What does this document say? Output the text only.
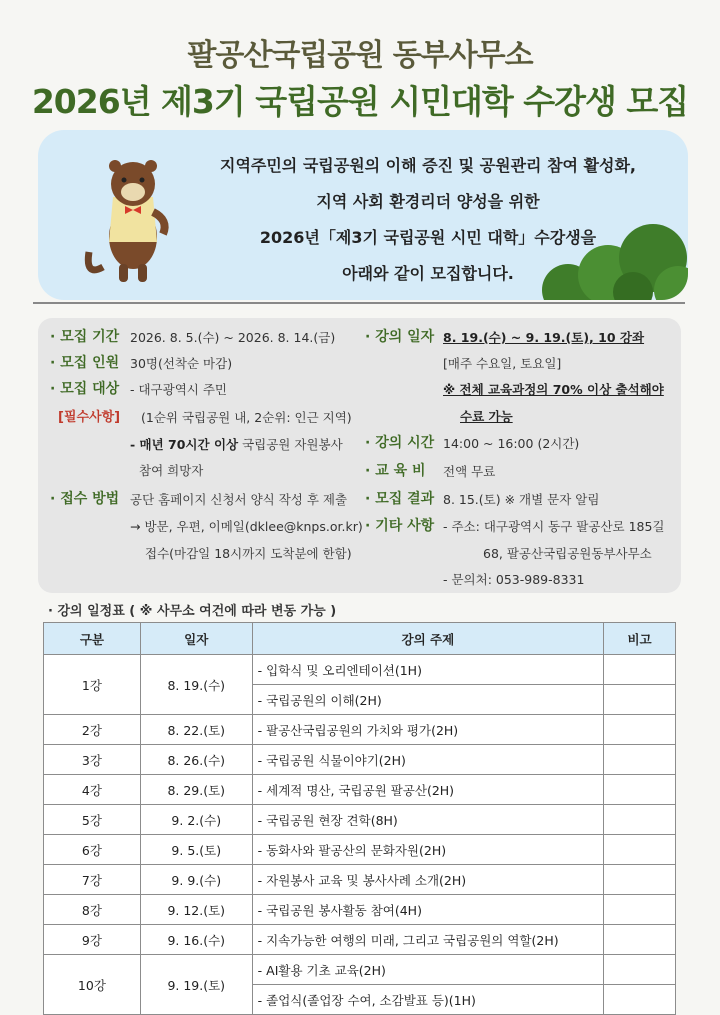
팔공산국립공원 동부사무소
2026년 제3기 국립공원 시민대학 수강생 모집
지역주민의 국립공원의 이해 증진 및 공원관리 참여 활성화,
지역 사회 환경리더 양성을 위한
2026년「제3기 국립공원 시민 대학」수강생을
아래와 같이 모집합니다.
· 모집 기간 2026. 8. 5.(수) ~ 2026. 8. 14.(금)
· 모집 인원 30명(선착순 마감)
· 모집 대상 - 대구광역시 주민
[필수사항] (1순위 국립공원 내, 2순위: 인근 지역)
- 매년 70시간 이상 국립공원 자원봉사
참여 희망자
· 접수 방법 공단 홈페이지 신청서 양식 작성 후 제출
→ 방문, 우편, 이메일(dklee@knps.or.kr)
접수(마감일 18시까지 도착분에 한함)
· 강의 일자 8. 19.(수) ~ 9. 19.(토), 10 강좌
[매주 수요일, 토요일]
※ 전체 교육과정의 70% 이상 출석해야
수료 가능
· 강의 시간 14:00 ~ 16:00 (2시간)
· 교 육 비 전액 무료
· 모집 결과 8. 15.(토) ※ 개별 문자 알림
· 기타 사항 - 주소: 대구광역시 동구 팔공산로 185길
68, 팔공산국립공원동부사무소
- 문의처: 053-989-8331
· 강의 일정표 ( ※ 사무소 여건에 따라 변동 가능 )
구분	일자	강의 주제	비고
1강	8. 19.(수)	- 입학식 및 오리엔테이션(1H)	
		- 국립공원의 이해(2H)	
2강	8. 22.(토)	- 팔공산국립공원의 가치와 평가(2H)	
3강	8. 26.(수)	- 국립공원 식물이야기(2H)	
4강	8. 29.(토)	- 세계적 명산, 국립공원 팔공산(2H)	
5강	9. 2.(수)	- 국립공원 현장 견학(8H)	
6강	9. 5.(토)	- 동화사와 팔공산의 문화자원(2H)	
7강	9. 9.(수)	- 자원봉사 교육 및 봉사사례 소개(2H)	
8강	9. 12.(토)	- 국립공원 봉사활동 참여(4H)	
9강	9. 16.(수)	- 지속가능한 여행의 미래, 그리고 국립공원의 역할(2H)	
10강	9. 19.(토)	- AI활용 기초 교육(2H)	
		- 졸업식(졸업장 수여, 소감발표 등)(1H)	
